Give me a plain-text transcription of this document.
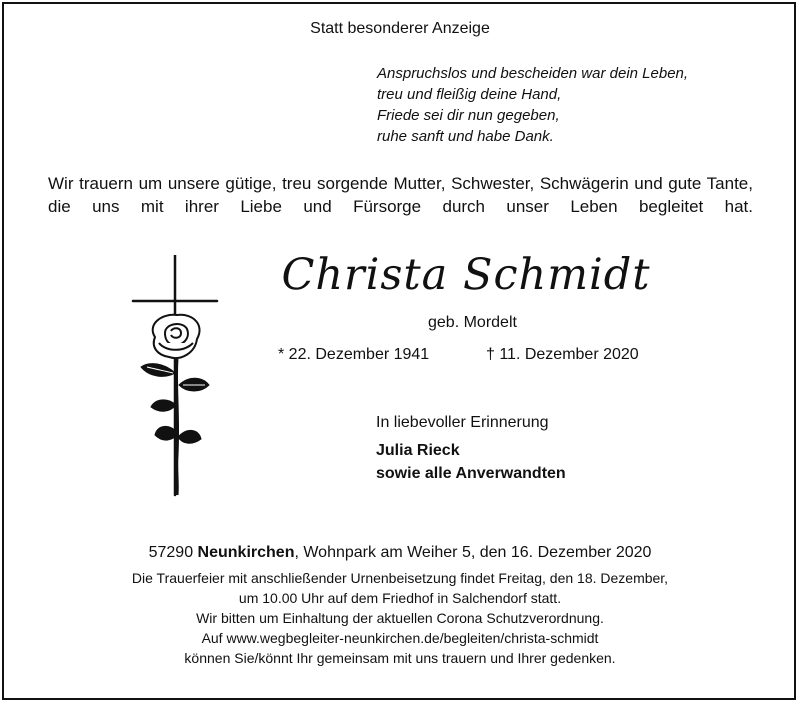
Statt besonderer Anzeige
Anspruchslos und bescheiden war dein Leben,
treu und fleißig deine Hand,
Friede sei dir nun gegeben,
ruhe sanft und habe Dank.
Wir trauern um unsere gütige, treu sorgende Mutter, Schwester, Schwägerin und gute Tante, die uns mit ihrer Liebe und Fürsorge durch unser Leben begleitet hat.
Christa Schmidt
geb. Mordelt
* 22. Dezember 1941	† 11. Dezember 2020
In liebevoller Erinnerung
Julia Rieck
sowie alle Anverwandten
57290 Neunkirchen, Wohnpark am Weiher 5, den 16. Dezember 2020
Die Trauerfeier mit anschließender Urnenbeisetzung findet Freitag, den 18. Dezember,
um 10.00 Uhr auf dem Friedhof in Salchendorf statt.
Wir bitten um Einhaltung der aktuellen Corona Schutzverordnung.
Auf www.wegbegleiter-neunkirchen.de/begleiten/christa-schmidt
können Sie/könnt Ihr gemeinsam mit uns trauern und Ihrer gedenken.
